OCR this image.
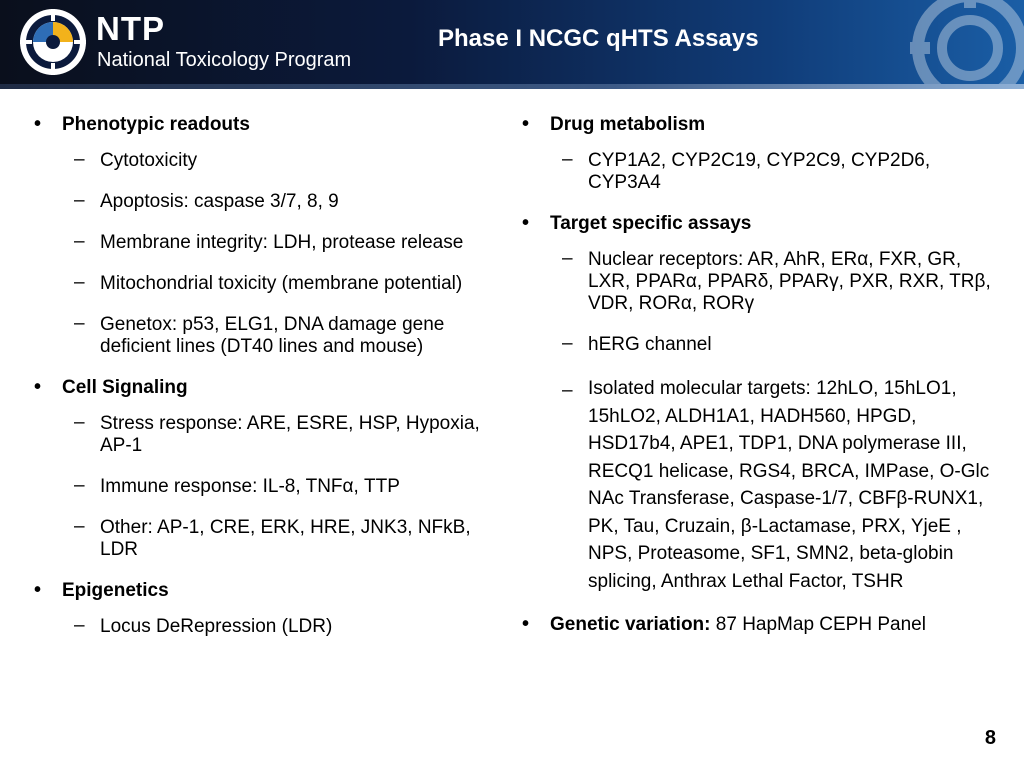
NTP
National Toxicology Program
Phase I NCGC qHTS Assays
• Phenotypic readouts
– Cytotoxicity
– Apoptosis: caspase 3/7, 8, 9
– Membrane integrity: LDH, protease release
– Mitochondrial toxicity (membrane potential)
– Genetox: p53, ELG1, DNA damage gene deficient lines (DT40 lines and mouse)
• Cell Signaling
– Stress response: ARE, ESRE, HSP, Hypoxia, AP-1
– Immune response: IL-8, TNFα, TTP
– Other: AP-1, CRE, ERK, HRE, JNK3, NFkB, LDR
• Epigenetics
– Locus DeRepression (LDR)
• Drug metabolism
– CYP1A2, CYP2C19, CYP2C9, CYP2D6, CYP3A4
• Target specific assays
– Nuclear receptors: AR, AhR, ERα, FXR, GR, LXR, PPARα, PPARδ, PPARγ, PXR, RXR, TRβ, VDR, RORα, RORγ
– hERG channel
– Isolated molecular targets: 12hLO, 15hLO1, 15hLO2, ALDH1A1, HADH560, HPGD, HSD17b4, APE1, TDP1, DNA polymerase III, RECQ1 helicase, RGS4, BRCA, IMPase, O-Glc NAc Transferase, Caspase-1/7, CBFβ-RUNX1, PK, Tau, Cruzain, β-Lactamase, PRX, YjeE , NPS, Proteasome, SF1, SMN2, beta-globin splicing, Anthrax Lethal Factor, TSHR
• Genetic variation: 87 HapMap CEPH Panel
8
